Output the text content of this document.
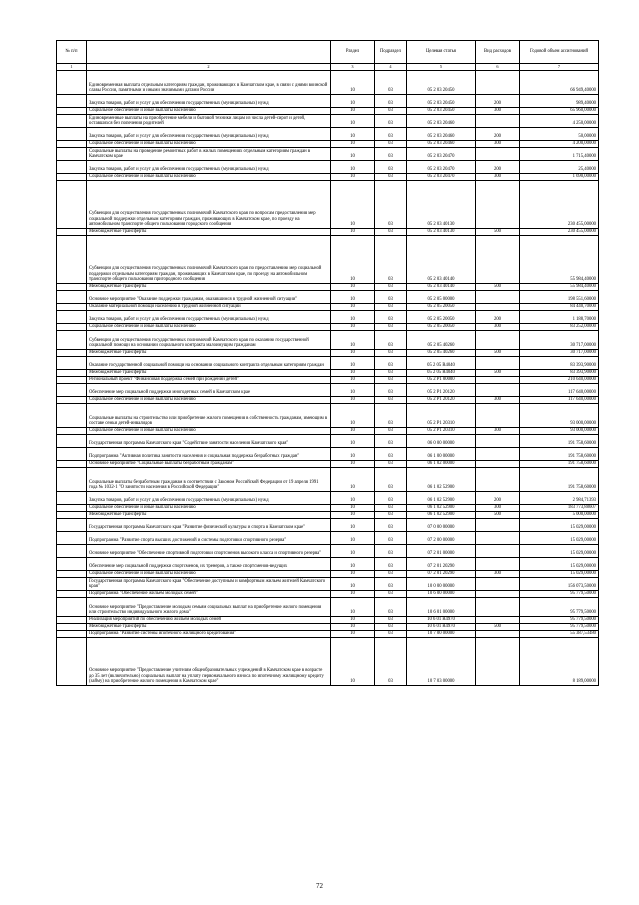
№ п/п		Раздел	Подраздел	Целевая статья	Вид расходов	Годовой объем ассигнований
1	2	3	4	5	6	7
	Единовременная выплата отдельным категориям граждан, проживающих в Камчатском крае, в связи с днями воинской славы России, памятными и иными значимыми датами России	10	03	05 2 03 20450		66 949,40000
	Закупка товаров, работ и услуг для обеспечения государственных (муниципальных) нужд	10	03	05 2 03 20450	200	989,40000
	Социальное обеспечение и иные выплаты населению	10	03	05 2 03 20450	300	65 960,00000
	Единовременные выплаты на приобретение мебели и бытовой техники лицам из числа детей-сирот и детей, оставшихся без попечения родителей	10	03	05 2 03 20460		4 250,00000
	Закупка товаров, работ и услуг для обеспечения государственных (муниципальных) нужд	10	03	05 2 03 20460	200	50,00000
	Социальное обеспечение и иные выплаты населению	10	03	05 2 03 20460	300	4 200,00000
	Социальные выплаты на проведение ремонтных работ в жилых помещениях отдельным категориям граждан в Камчатском крае	10	03	05 2 03 20470		1 715,40000
	Закупка товаров, работ и услуг для обеспечения государственных (муниципальных) нужд	10	03	05 2 03 20470	200	25,40000
	Социальное обеспечение и иные выплаты населению	10	03	05 2 03 20470	300	1 690,00000
	Субвенции для осуществления государственных полномочий Камчатского края по вопросам предоставления мер социальной поддержки отдельным категориям граждан, проживающих в Камчатском крае, по проезду на автомобильном транспорте общего пользования городского сообщения	10	03	05 2 03 40130		230 455,00000
	Межбюджетные трансферты	10	03	05 2 03 40130	500	230 455,00000
	Субвенции для осуществления государственных полномочий Камчатского края по предоставлению мер социальной поддержки отдельным категориям граждан, проживающих в Камчатском крае, по проезду на автомобильном транспорте общего пользования пригородного сообщения	10	03	05 2 03 40140		55 984,40000
	Межбюджетные трансферты	10	03	05 2 03 40140	500	55 984,40000
	Основное мероприятие "Оказание поддержки гражданам, оказавшимся в трудной жизненной ситуации"	10	03	05 2 05 00000		198 551,60000
	Оказание материальной помощи населению в трудной жизненной ситуации	10	03	05 2 05 20050		84 440,70000
	Закупка товаров, работ и услуг для обеспечения государственных (муниципальных) нужд	10	03	05 2 05 20050	200	1 188,70000
	Социальное обеспечение и иные выплаты населению	10	03	05 2 05 20050	300	83 252,00000
	Субвенции для осуществления государственных полномочий Камчатского края по оказанию государственной социальной помощи на основании социального контракта малоимущим гражданам	10	03	05 2 05 40260		30 717,00000
	Межбюджетные трансферты	10	03	05 2 05 40260	500	30 717,00000
	Оказание государственной социальной помощи на основании социального контракта отдельным категориям граждан	10	03	05 2 05 R4040		83 393,90000
	Межбюджетные трансферты	10	03	05 2 05 R4040	500	83 393,90000
	Региональный проект "Финансовая поддержка семей при рождении детей"	10	03	05 2 P1 00000		210 640,00000
	Обеспечение мер социальной поддержки многодетных семей в Камчатском крае	10	03	05 2 P1 20120		117 640,00000
	Социальное обеспечение и иные выплаты населению	10	03	05 2 P1 20120	300	117 640,00000
	Социальные выплаты на строительство или приобретение жилого помещения в собственность гражданам, имеющим в составе семьи детей-инвалидов	10	03	05 2 P1 20310		93 000,00000
	Социальное обеспечение и иные выплаты населению	10	03	05 2 P1 20310	300	93 000,00000
	Государственная программа Камчатского края "Содействие занятости населения Камчатского края"	10	03	06 0 00 00000		191 758,60000
	Подпрограмма "Активная политика занятости населения и социальная поддержка безработных граждан"	10	03	06 1 00 00000		191 758,60000
	Основное мероприятие "Социальные выплаты безработным гражданам"	10	03	06 1 02 00000		191 758,60000
	Социальные выплаты безработным гражданам в соответствии с Законом Российской Федерации от 19 апреля 1991 года № 1032-1 "О занятости населения в Российской Федерации"	10	03	06 1 02 52900		191 758,60000
	Закупка товаров, работ и услуг для обеспечения государственных (муниципальных) нужд	10	03	06 1 02 52900	200	2 984,71393
	Социальное обеспечение и иные выплаты населению	10	03	06 1 02 52900	300	183 773,88607
	Межбюджетные трансферты	10	03	06 1 02 52900	500	5 000,00000
	Государственная программа Камчатского края "Развитие физической культуры и спорта в Камчатском крае"	10	03	07 0 00 00000		15 029,00000
	Подпрограмма "Развитие спорта высших достижений и системы подготовки спортивного резерва"	10	03	07 2 00 00000		15 029,00000
	Основное мероприятие "Обеспечение спортивной подготовки спортсменов высокого класса и спортивного резерва"	10	03	07 2 01 00000		15 029,00000
	Обеспечение мер социальной поддержки спортсменов, их тренеров, а также спортсменов-ведущих	10	03	07 2 01 20290		15 029,00000
	Социальное обеспечение и иные выплаты населению	10	03	07 2 01 20290	300	15 029,00000
	Государственная программа Камчатского края "Обеспечение доступным и комфортным жильем жителей Камчатского края"	10	03	10 0 00 00000		156 073,50000
	Подпрограмма "Обеспечение жильем молодых семей"	10	03	10 6 00 00000		95 779,50000
	Основное мероприятие "Предоставление молодым семьям социальных выплат на приобретение жилого помещения или строительство индивидуального жилого дома"	10	03	10 6 01 00000		95 779,50000
	Реализация мероприятий по обеспечению жильем молодых семей	10	03	10 6 01 R4970		95 779,50000
	Межбюджетные трансферты	10	03	10 6 01 R4970	500	95 779,50000
	Подпрограмма "Развитие системы ипотечного жилищного кредитования"	10	03	10 7 00 00000		55 387,53480
	Основное мероприятие "Предоставление учителям общеобразовательных учреждений в Камчатском крае в возрасте до 35 лет (включительно) социальных выплат на уплату первоначального взноса по ипотечному жилищному кредиту (займу) на приобретение жилого помещения в Камчатском крае"	10	03	10 7 03 00000		8 189,00000
72
